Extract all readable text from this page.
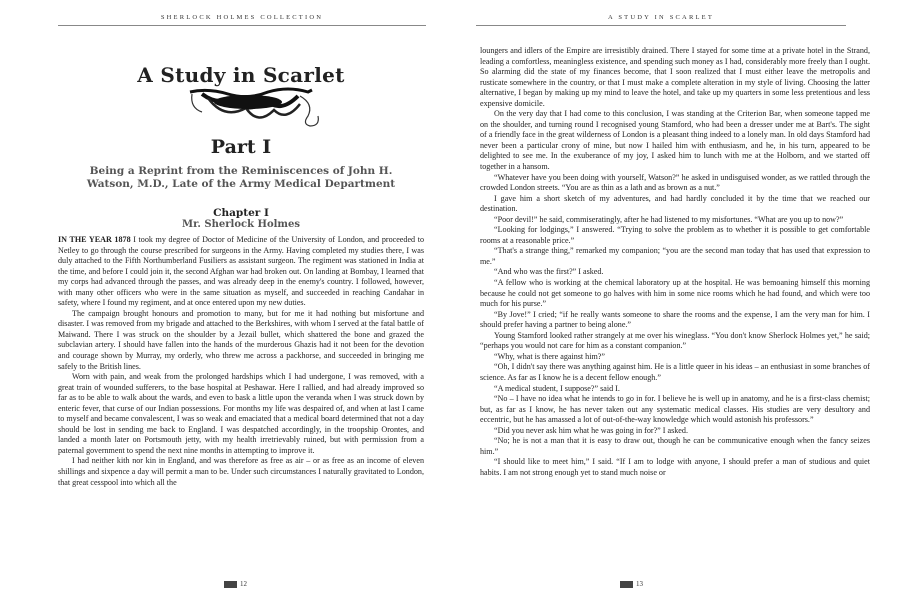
SHERLOCK HOLMES COLLECTION
A Study in Scarlet
Part I
Being a Reprint from the Reminiscences of John H. Watson, M.D., Late of the Army Medical Department
Chapter I
Mr. Sherlock Holmes

IN THE YEAR 1878 I took my degree of Doctor of Medicine of the University of London, and proceeded to Netley to go through the course prescribed for surgeons in the Army. Having completed my studies there, I was duly attached to the Fifth Northumberland Fusiliers as assistant surgeon. The regiment was stationed in India at the time, and before I could join it, the second Afghan war had broken out. On landing at Bombay, I learned that my corps had advanced through the passes, and was already deep in the enemy's country. I followed, however, with many other officers who were in the same situation as myself, and succeeded in reaching Candahar in safety, where I found my regiment, and at once entered upon my new duties.

The campaign brought honours and promotion to many, but for me it had nothing but misfortune and disaster. I was removed from my brigade and attached to the Berkshires, with whom I served at the fatal battle of Maiwand. There I was struck on the shoulder by a Jezail bullet, which shattered the bone and grazed the subclavian artery. I should have fallen into the hands of the murderous Ghazis had it not been for the devotion and courage shown by Murray, my orderly, who threw me across a packhorse, and succeeded in bringing me safely to the British lines.

Worn with pain, and weak from the prolonged hardships which I had undergone, I was removed, with a great train of wounded sufferers, to the base hospital at Peshawar. Here I rallied, and had already improved so far as to be able to walk about the wards, and even to bask a little upon the veranda when I was struck down by enteric fever, that curse of our Indian possessions. For months my life was despaired of, and when at last I came to myself and became convalescent, I was so weak and emaciated that a medical board determined that not a day should be lost in sending me back to England. I was despatched accordingly, in the troopship Orontes, and landed a month later on Portsmouth jetty, with my health irretrievably ruined, but with permission from a paternal government to spend the next nine months in attempting to improve it.

I had neither kith nor kin in England, and was therefore as free as air – or as free as an income of eleven shillings and sixpence a day will permit a man to be. Under such circumstances I naturally gravitated to London, that great cesspool into which all the

12
A STUDY IN SCARLET

loungers and idlers of the Empire are irresistibly drained. There I stayed for some time at a private hotel in the Strand, leading a comfortless, meaningless existence, and spending such money as I had, considerably more freely than I ought. So alarming did the state of my finances become, that I soon realized that I must either leave the metropolis and rusticate somewhere in the country, or that I must make a complete alteration in my style of living. Choosing the latter alternative, I began by making up my mind to leave the hotel, and take up my quarters in some less pretentious and less expensive domicile.

On the very day that I had come to this conclusion, I was standing at the Criterion Bar, when someone tapped me on the shoulder, and turning round I recognised young Stamford, who had been a dresser under me at Bart's. The sight of a friendly face in the great wilderness of London is a pleasant thing indeed to a lonely man. In old days Stamford had never been a particular crony of mine, but now I hailed him with enthusiasm, and he, in his turn, appeared to be delighted to see me. In the exuberance of my joy, I asked him to lunch with me at the Holborn, and we started off together in a hansom.

“Whatever have you been doing with yourself, Watson?” he asked in undisguised wonder, as we rattled through the crowded London streets. “You are as thin as a lath and as brown as a nut.”

I gave him a short sketch of my adventures, and had hardly concluded it by the time that we reached our destination.

“Poor devil!” he said, commiseratingly, after he had listened to my misfortunes. “What are you up to now?”

“Looking for lodgings,” I answered. “Trying to solve the problem as to whether it is possible to get comfortable rooms at a reasonable price.”

“That's a strange thing,” remarked my companion; “you are the second man today that has used that expression to me.”

“And who was the first?” I asked.

“A fellow who is working at the chemical laboratory up at the hospital. He was bemoaning himself this morning because he could not get someone to go halves with him in some nice rooms which he had found, and which were too much for his purse.”

“By Jove!” I cried; “if he really wants someone to share the rooms and the expense, I am the very man for him. I should prefer having a partner to being alone.”

Young Stamford looked rather strangely at me over his wineglass. “You don't know Sherlock Holmes yet,” he said; “perhaps you would not care for him as a constant companion.”

“Why, what is there against him?”

“Oh, I didn't say there was anything against him. He is a little queer in his ideas – an enthusiast in some branches of science. As far as I know he is a decent fellow enough.”

“A medical student, I suppose?” said I.

“No – I have no idea what he intends to go in for. I believe he is well up in anatomy, and he is a first-class chemist; but, as far as I know, he has never taken out any systematic medical classes. His studies are very desultory and eccentric, but he has amassed a lot of out-of-the-way knowledge which would astonish his professors.”

“Did you never ask him what he was going in for?” I asked.

“No; he is not a man that it is easy to draw out, though he can be communicative enough when the fancy seizes him.”

“I should like to meet him,” I said. “If I am to lodge with anyone, I should prefer a man of studious and quiet habits. I am not strong enough yet to stand much noise or

13
